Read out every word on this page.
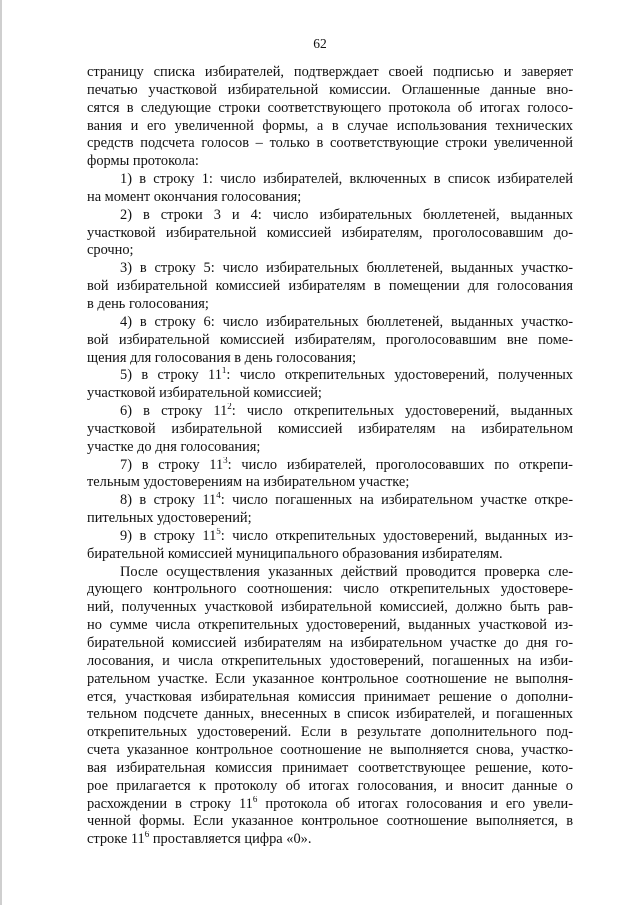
62

страницу списка избирателей, подтверждает своей подписью и заверяет
печатью участковой избирательной комиссии. Оглашенные данные вно-
сятся в следующие строки соответствующего протокола об итогах голосо-
вания и его увеличенной формы, а в случае использования технических
средств подсчета голосов – только в соответствующие строки увеличенной
формы протокола:

1) в строку 1: число избирателей, включенных в список избирателей
на момент окончания голосования;

2) в строки 3 и 4: число избирательных бюллетеней, выданных
участковой избирательной комиссией избирателям, проголосовавшим до-
срочно;

3) в строку 5: число избирательных бюллетеней, выданных участко-
вой избирательной комиссией избирателям в помещении для голосования
в день голосования;

4) в строку 6: число избирательных бюллетеней, выданных участко-
вой избирательной комиссией избирателям, проголосовавшим вне поме-
щения для голосования в день голосования;

5) в строку $11^1$: число открепительных удостоверений, полученных
участковой избирательной комиссией;

6) в строку $11^2$: число открепительных удостоверений, выданных
участковой избирательной комиссией избирателям на избирательном
участке до дня голосования;

7) в строку $11^3$: число избирателей, проголосовавших по открепи-
тельным удостоверениям на избирательном участке;

8) в строку $11^4$: число погашенных на избирательном участке откре-
пительных удостоверений;

9) в строку $11^5$: число открепительных удостоверений, выданных из-
бирательной комиссией муниципального образования избирателям.

После осуществления указанных действий проводится проверка сле-
дующего контрольного соотношения: число открепительных удостовере-
ний, полученных участковой избирательной комиссией, должно быть рав-
но сумме числа открепительных удостоверений, выданных участковой из-
бирательной комиссией избирателям на избирательном участке до дня го-
лосования, и числа открепительных удостоверений, погашенных на изби-
рательном участке. Если указанное контрольное соотношение не выполня-
ется, участковая избирательная комиссия принимает решение о дополни-
тельном подсчете данных, внесенных в список избирателей, и погашенных
открепительных удостоверений. Если в результате дополнительного под-
счета указанное контрольное соотношение не выполняется снова, участко-
вая избирательная комиссия принимает соответствующее решение, кото-
рое прилагается к протоколу об итогах голосования, и вносит данные о
расхождении в строку $11^6$ протокола об итогах голосования и его увели-
ченной формы. Если указанное контрольное соотношение выполняется, в
строке $11^6$ проставляется цифра «0».
